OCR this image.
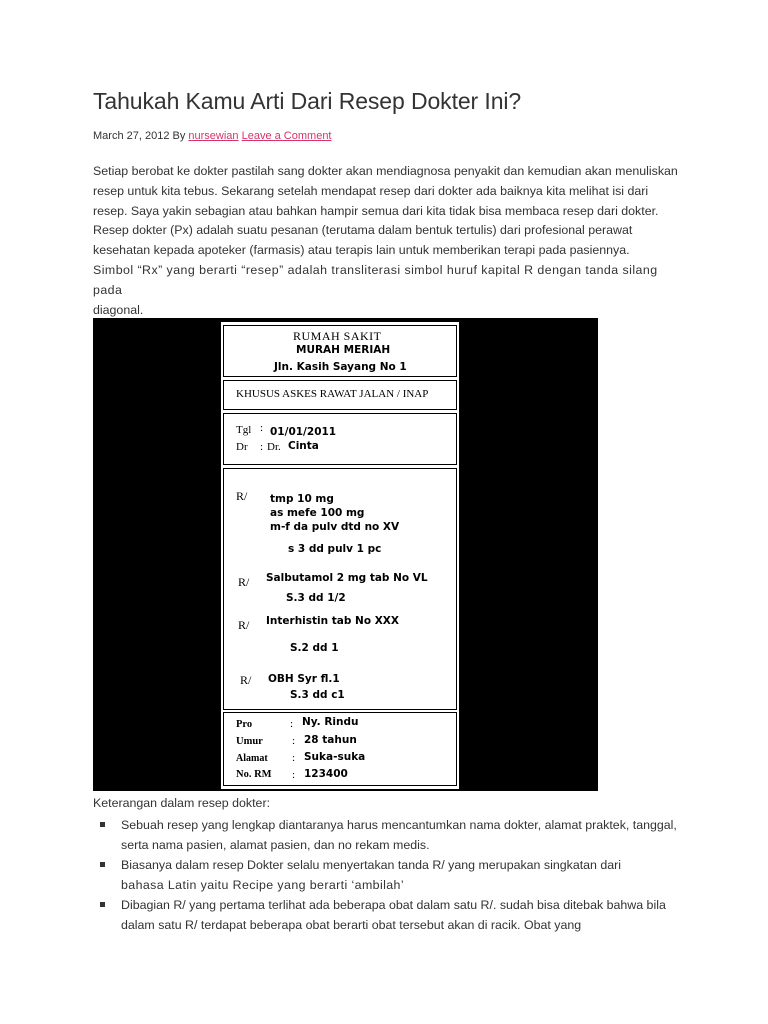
Tahukah Kamu Arti Dari Resep Dokter Ini?
March 27, 2012 By nursewian Leave a Comment

Setiap berobat ke dokter pastilah sang dokter akan mendiagnosa penyakit dan kemudian akan menuliskan resep untuk kita tebus. Sekarang setelah mendapat resep dari dokter ada baiknya kita melihat isi dari resep. Saya yakin sebagian atau bahkan hampir semua dari kita tidak bisa membaca resep dari dokter.

Resep dokter (Px) adalah suatu pesanan (terutama dalam bentuk tertulis) dari profesional perawat kesehatan kepada apoteker (farmasis) atau terapis lain untuk memberikan terapi pada pasiennya.

Simbol “Rx” yang berarti “resep” adalah transliterasi simbol huruf kapital R dengan tanda silang pada

diagonal.

RUMAH SAKIT
MURAH MERIAH
Jln. Kasih Sayang No 1
KHUSUS ASKES RAWAT JALAN / INAP
Tgl : 01/01/2011
Dr : Dr. Cinta
R/ tmp 10 mg
as mefe 100 mg
m-f da pulv dtd no XV
s 3 dd pulv 1 pc
R/ Salbutamol 2 mg tab No VL
S.3 dd 1/2
R/ Interhistin tab No XXX
S.2 dd 1
R/ OBH Syr fl.1
S.3 dd c1
Pro	: Ny. Rindu
Umur	: 28 tahun
Alamat : Suka-suka
No. RM : 123400
Keterangan dalam resep dokter:
Sebuah resep yang lengkap diantaranya harus mencantumkan nama dokter, alamat praktek, tanggal, serta nama pasien, alamat pasien, dan no rekam medis.
Biasanya dalam resep Dokter selalu menyertakan tanda R/ yang merupakan singkatan dari
bahasa Latin yaitu Recipe yang berarti ‘ambilah’
Dibagian R/ yang pertama terlihat ada beberapa obat dalam satu R/. sudah bisa ditebak bahwa bila dalam satu R/ terdapat beberapa obat berarti obat tersebut akan di racik. Obat yang
